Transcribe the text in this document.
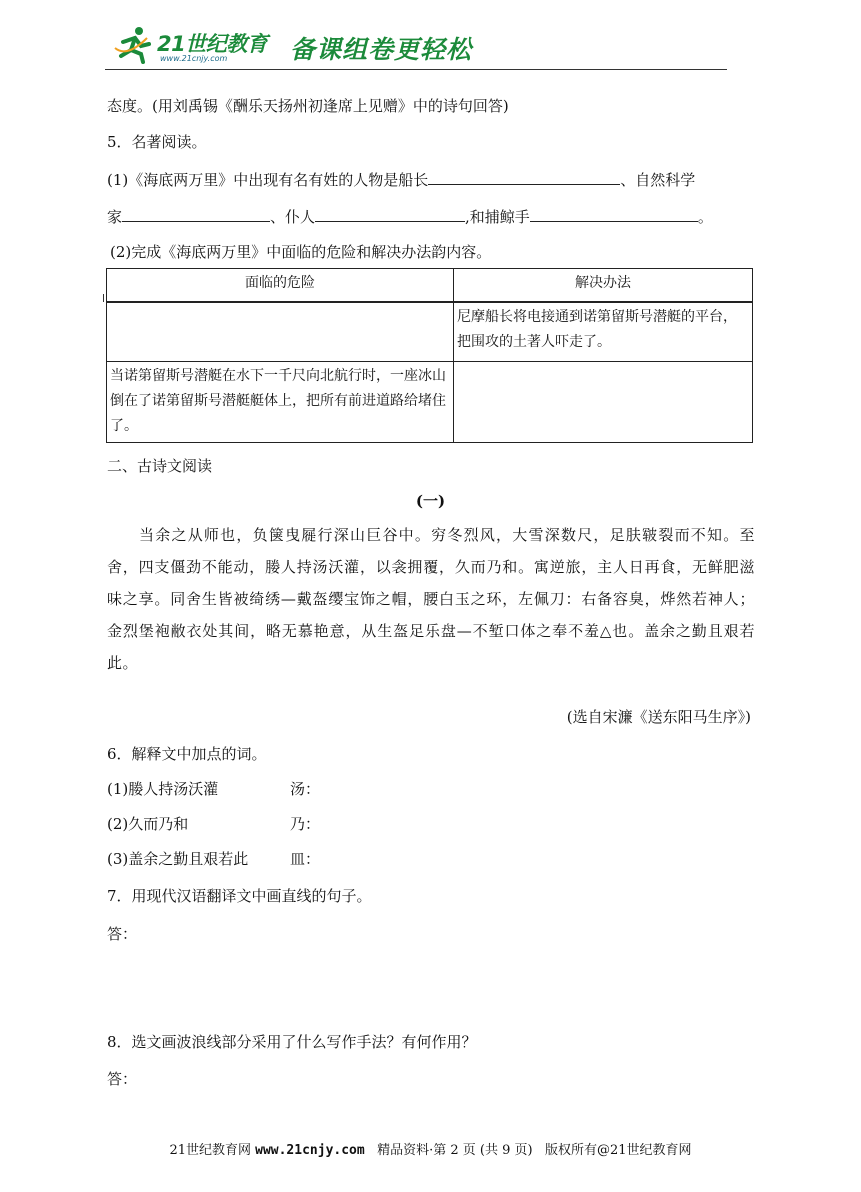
21世纪教育
www.21cnjy.com	备课组卷更轻松
态度。(用刘禹锡《酬乐天扬州初逢席上见赠》中的诗句回答)
5．名著阅读。
(1)《海底两万里》中出现有名有姓的人物是船长	、自然科学
家	、仆人	,和捕鲸手	。
(2)完成《海底两万里》中面临的危险和解决办法韵内容。
面临的危险	解决办法
	尼摩船长将电接通到诺第留斯号潜艇的平台，把围攻的土著人吓走了。
当诺第留斯号潜艇在水下一千尺向北航行时，一座冰山倒在了诺第留斯号潜艇艇体上，把所有前进道路给堵住了。	
二、古诗文阅读
(一)
当余之从师也，负箧曳屣行深山巨谷中。穷冬烈风，大雪深数尺，足肤皲裂而不知。至舍，四支僵劲不能动，媵人持汤沃灌，以衾拥覆，久而乃和。寓逆旅，主人日再食，无鲜肥滋味之享。同舍生皆被绮绣—戴盔缨宝饰之帽，腰白玉之环，左佩刀：右备容臭，烨然若神人；金烈堡袍敝衣处其间，略无慕艳意，从生盔足乐盘—不堑口体之奉不羞△也。盖余之勤且艰若此。
(选自宋濂《送东阳马生序》)
6．解释文中加点的词。
(1)媵人持汤沃灌	汤：
(2)久而乃和	乃：
(3)盖余之勤且艰若此	皿：
7．用现代汉语翻译文中画直线的句子。
答：
8．选文画波浪线部分采用了什么写作手法？有何作用？
答：
21世纪教育网 www.21cnjy.com 精品资料·第 2 页 (共 9 页) 版权所有@21世纪教育网
